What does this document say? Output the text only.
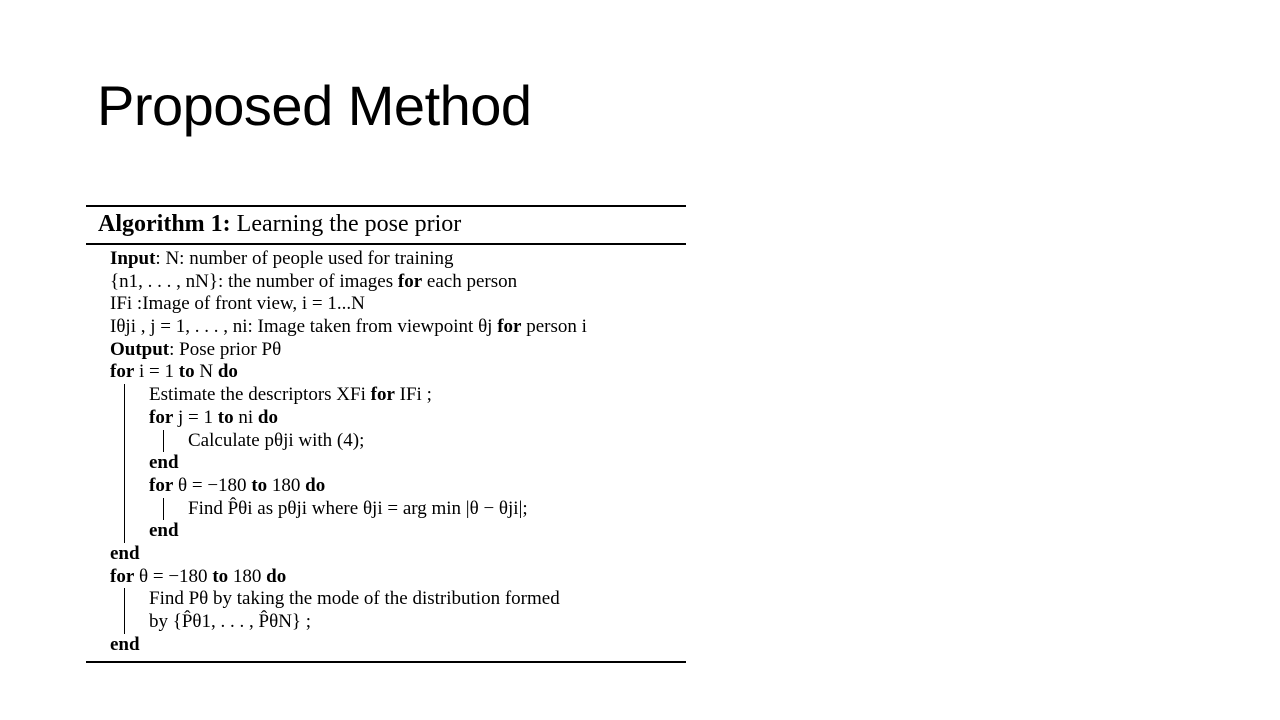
Proposed Method
Algorithm 1: Learning the pose prior
Input: N: number of people used for training
{n1, . . . , nN}: the number of images for each person
IFi :Image of front view, i = 1...N
Iθji , j = 1, . . . , ni: Image taken from viewpoint θj for person i
Output: Pose prior Pθ
for i = 1 to N do
Estimate the descriptors XFi for IFi ;
for j = 1 to ni do
Calculate pθji with (4);
end
for θ = −180 to 180 do
Find P̂θi as pθji where θji = arg min |θ − θji|;
end
end
for θ = −180 to 180 do
Find Pθ by taking the mode of the distribution formed
by {P̂θ1, . . . , P̂θN} ;
end
